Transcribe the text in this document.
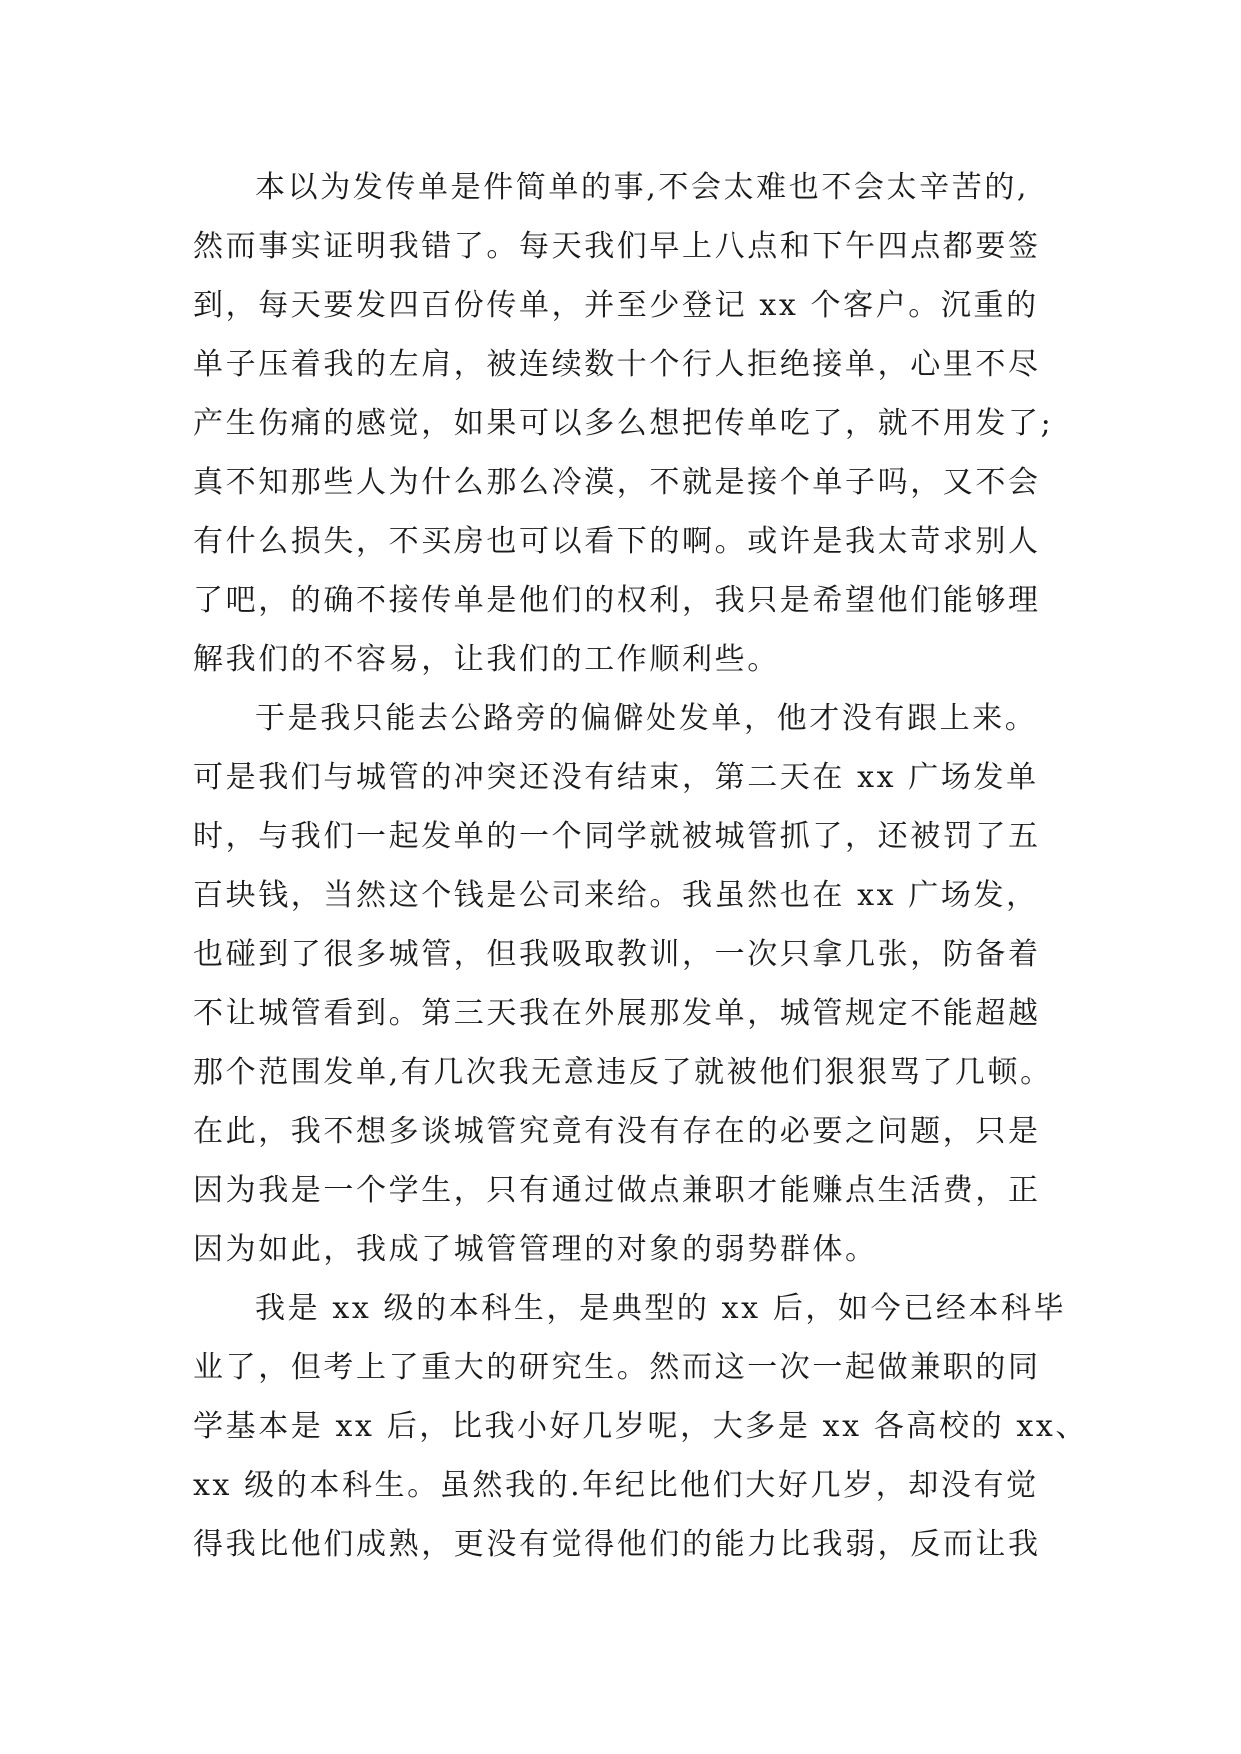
本以为发传单是件简单的事,不会太难也不会太辛苦的,
然而事实证明我错了。每天我们早上八点和下午四点都要签
到，每天要发四百份传单，并至少登记 xx 个客户。沉重的
单子压着我的左肩，被连续数十个行人拒绝接单，心里不尽
产生伤痛的感觉，如果可以多么想把传单吃了，就不用发了;
真不知那些人为什么那么冷漠，不就是接个单子吗，又不会
有什么损失，不买房也可以看下的啊。或许是我太苛求别人
了吧，的确不接传单是他们的权利，我只是希望他们能够理
解我们的不容易，让我们的工作顺利些。
于是我只能去公路旁的偏僻处发单，他才没有跟上来。
可是我们与城管的冲突还没有结束，第二天在 xx 广场发单
时，与我们一起发单的一个同学就被城管抓了，还被罚了五
百块钱，当然这个钱是公司来给。我虽然也在 xx 广场发，
也碰到了很多城管，但我吸取教训，一次只拿几张，防备着
不让城管看到。第三天我在外展那发单，城管规定不能超越
那个范围发单,有几次我无意违反了就被他们狠狠骂了几顿。
在此，我不想多谈城管究竟有没有存在的必要之问题，只是
因为我是一个学生，只有通过做点兼职才能赚点生活费，正
因为如此，我成了城管管理的对象的弱势群体。
我是 xx 级的本科生，是典型的 xx 后，如今已经本科毕
业了，但考上了重大的研究生。然而这一次一起做兼职的同
学基本是 xx 后，比我小好几岁呢，大多是 xx 各高校的 xx、
xx 级的本科生。虽然我的.年纪比他们大好几岁，却没有觉
得我比他们成熟，更没有觉得他们的能力比我弱，反而让我
